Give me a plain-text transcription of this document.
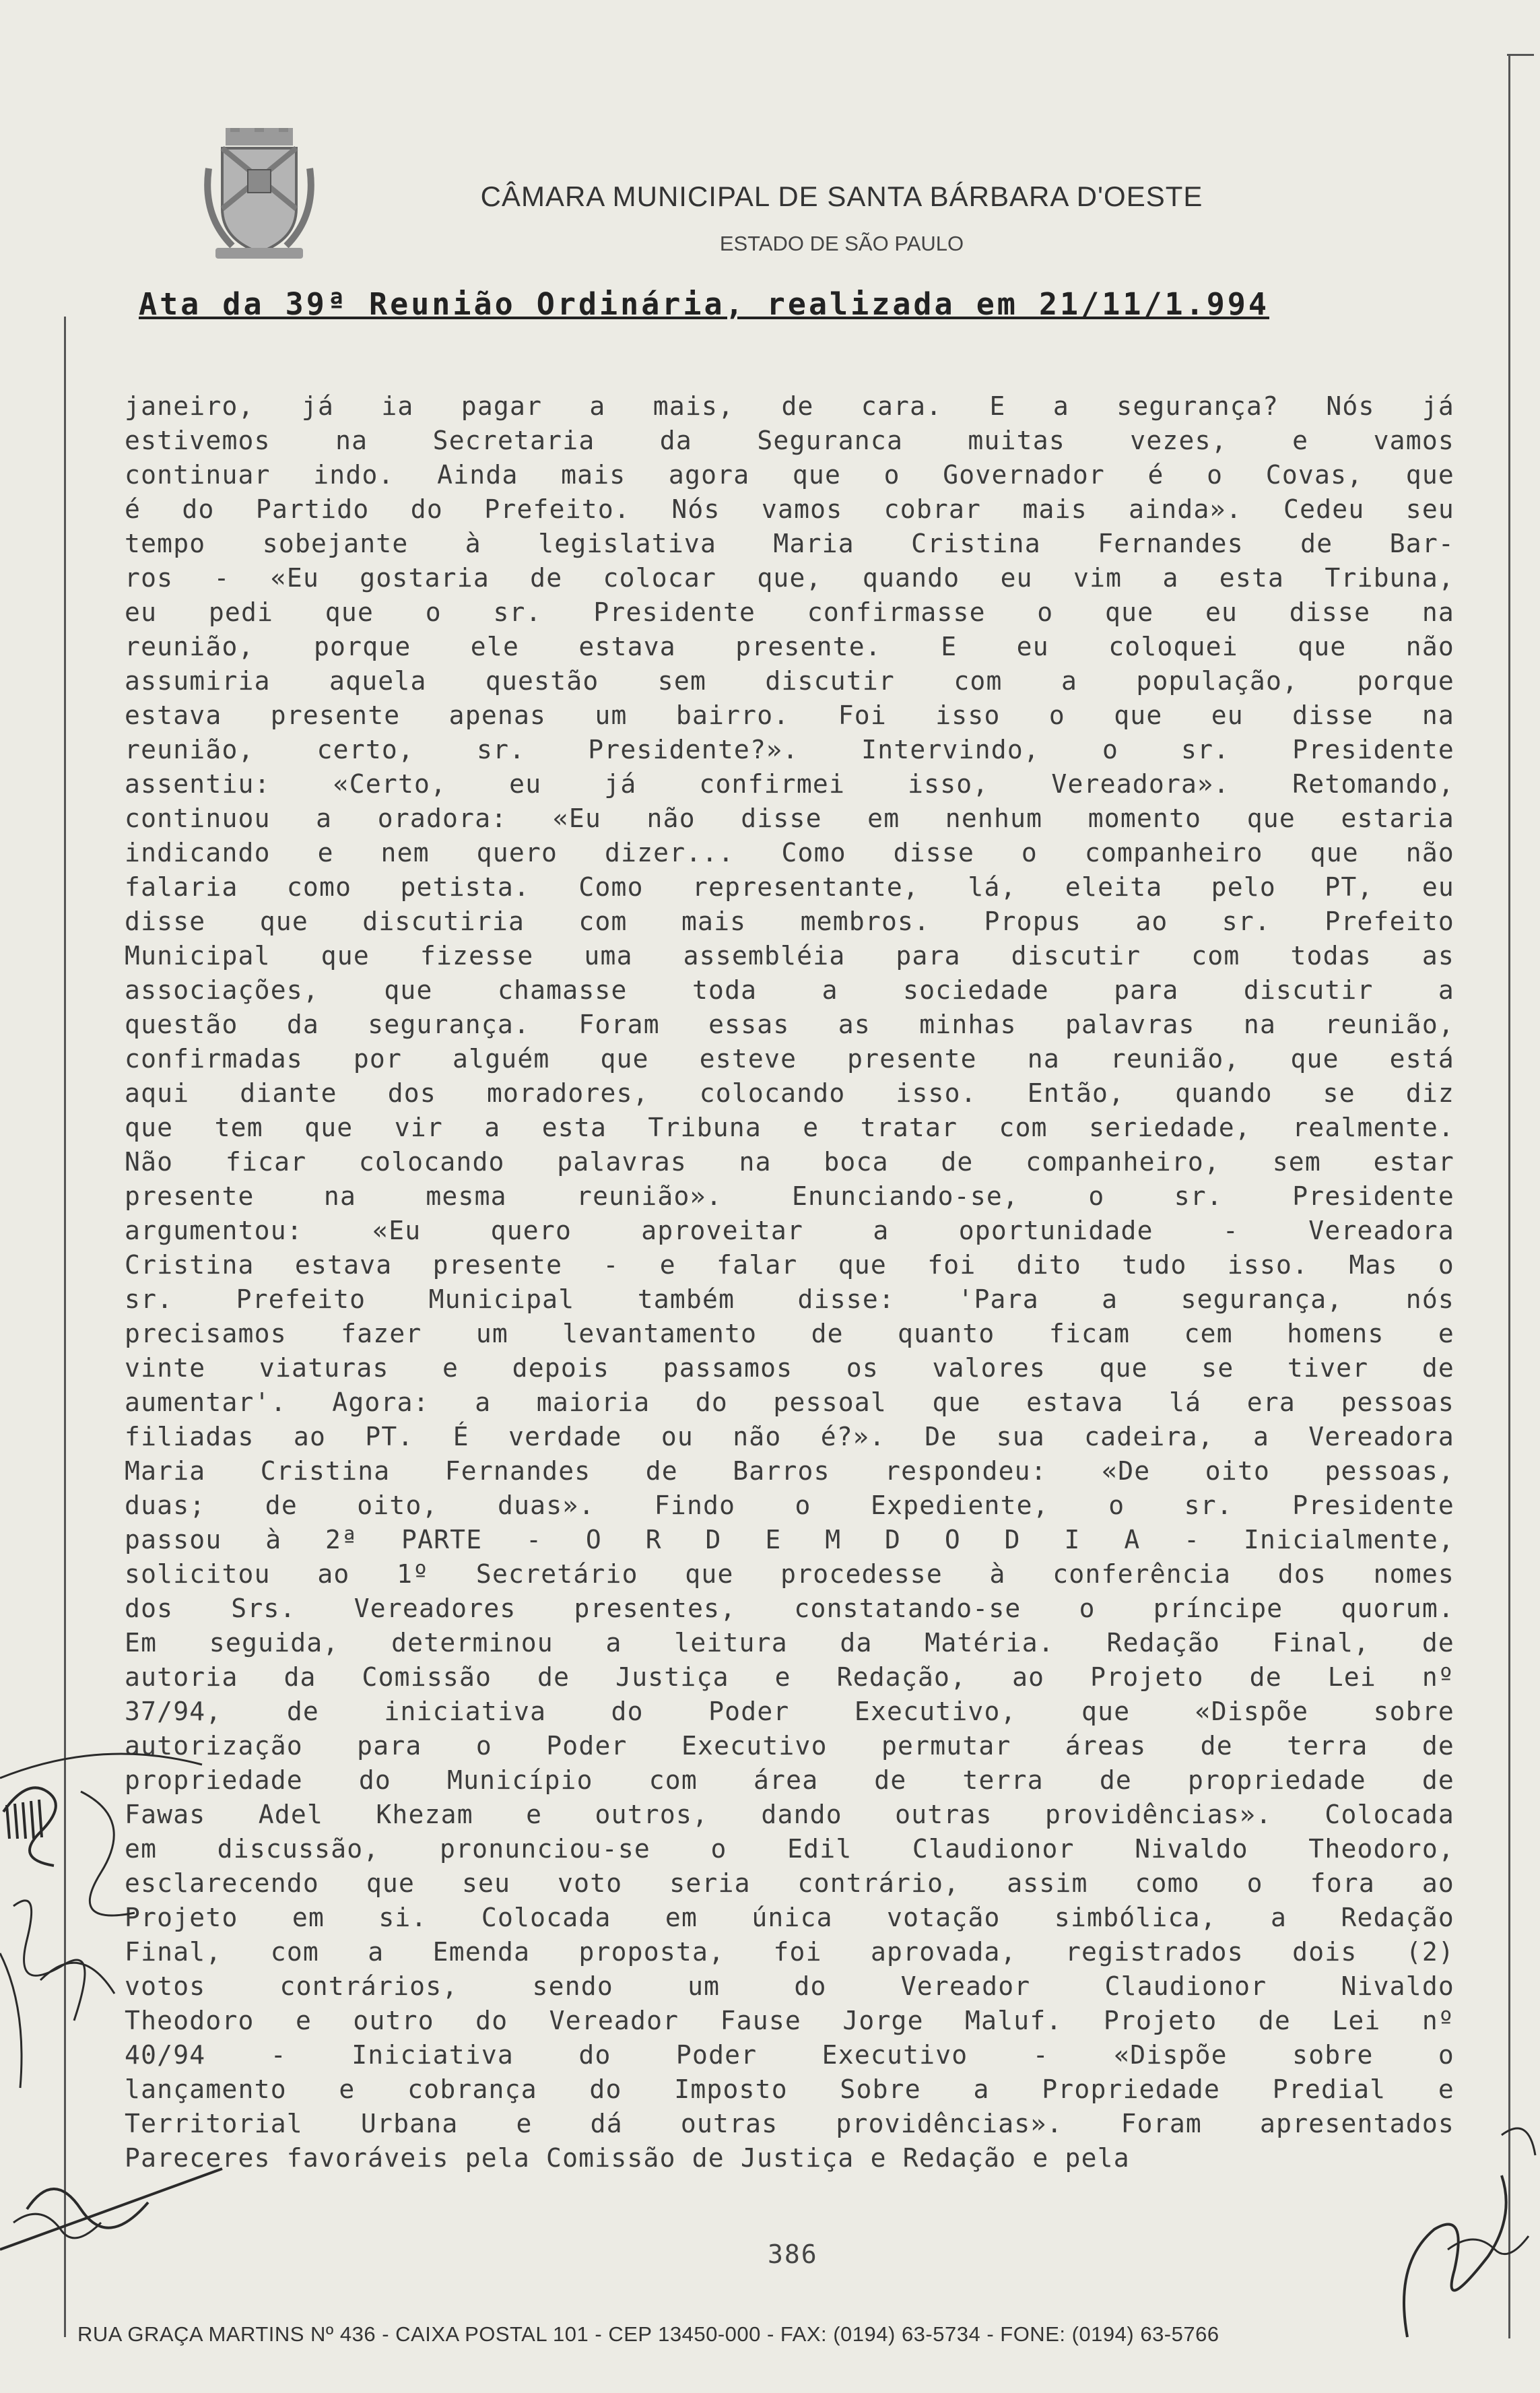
CÂMARA MUNICIPAL DE SANTA BÁRBARA D'OESTE
ESTADO DE SÃO PAULO
Ata da 39ª Reunião Ordinária, realizada em 21/11/1.994
janeiro, já ia pagar a mais, de cara. E a segurança? Nós já
estivemos na Secretaria da Seguranca muitas vezes, e vamos
continuar indo. Ainda mais agora que o Governador é o Covas, que
é do Partido do Prefeito. Nós vamos cobrar mais ainda». Cedeu seu
tempo sobejante à legislativa Maria Cristina Fernandes de Bar-
ros - «Eu gostaria de colocar que, quando eu vim a esta Tribuna,
eu pedi que o sr. Presidente confirmasse o que eu disse na
reunião, porque ele estava presente. E eu coloquei que não
assumiria aquela questão sem discutir com a população, porque
estava presente apenas um bairro. Foi isso o que eu disse na
reunião, certo, sr. Presidente?». Intervindo, o sr. Presidente
assentiu: «Certo, eu já confirmei isso, Vereadora». Retomando,
continuou a oradora: «Eu não disse em nenhum momento que estaria
indicando e nem quero dizer... Como disse o companheiro que não
falaria como petista. Como representante, lá, eleita pelo PT, eu
disse que discutiria com mais membros. Propus ao sr. Prefeito
Municipal que fizesse uma assembléia para discutir com todas as
associações, que chamasse toda a sociedade para discutir a
questão da segurança. Foram essas as minhas palavras na reunião,
confirmadas por alguém que esteve presente na reunião, que está
aqui diante dos moradores, colocando isso. Então, quando se diz
que tem que vir a esta Tribuna e tratar com seriedade, realmente.
Não ficar colocando palavras na boca de companheiro, sem estar
presente na mesma reunião». Enunciando-se, o sr. Presidente
argumentou: «Eu quero aproveitar a oportunidade - Vereadora
Cristina estava presente - e falar que foi dito tudo isso. Mas o
sr. Prefeito Municipal também disse: 'Para a segurança, nós
precisamos fazer um levantamento de quanto ficam cem homens e
vinte viaturas e depois passamos os valores que se tiver de
aumentar'. Agora: a maioria do pessoal que estava lá era pessoas
filiadas ao PT. É verdade ou não é?». De sua cadeira, a Vereadora
Maria Cristina Fernandes de Barros respondeu: «De oito pessoas,
duas; de oito, duas». Findo o Expediente, o sr. Presidente
passou à 2ª PARTE - O R D E M D O D I A - Inicialmente,
solicitou ao 1º Secretário que procedesse à conferência dos nomes
dos Srs. Vereadores presentes, constatando-se o príncipe quorum.
Em seguida, determinou a leitura da Matéria. Redação Final, de
autoria da Comissão de Justiça e Redação, ao Projeto de Lei nº
37/94, de iniciativa do Poder Executivo, que «Dispõe sobre
autorização para o Poder Executivo permutar áreas de terra de
propriedade do Município com área de terra de propriedade de
Fawas Adel Khezam e outros, dando outras providências». Colocada
em discussão, pronunciou-se o Edil Claudionor Nivaldo Theodoro,
esclarecendo que seu voto seria contrário, assim como o fora ao
Projeto em si. Colocada em única votação simbólica, a Redação
Final, com a Emenda proposta, foi aprovada, registrados dois (2)
votos contrários, sendo um do Vereador Claudionor Nivaldo
Theodoro e outro do Vereador Fause Jorge Maluf. Projeto de Lei nº
40/94 - Iniciativa do Poder Executivo - «Dispõe sobre o
lançamento e cobrança do Imposto Sobre a Propriedade Predial e
Territorial Urbana e dá outras providências». Foram apresentados
Pareceres favoráveis pela Comissão de Justiça e Redação e pela
386
RUA GRAÇA MARTINS Nº 436 - CAIXA POSTAL 101 - CEP 13450-000 - FAX: (0194) 63-5734 - FONE: (0194) 63-5766
